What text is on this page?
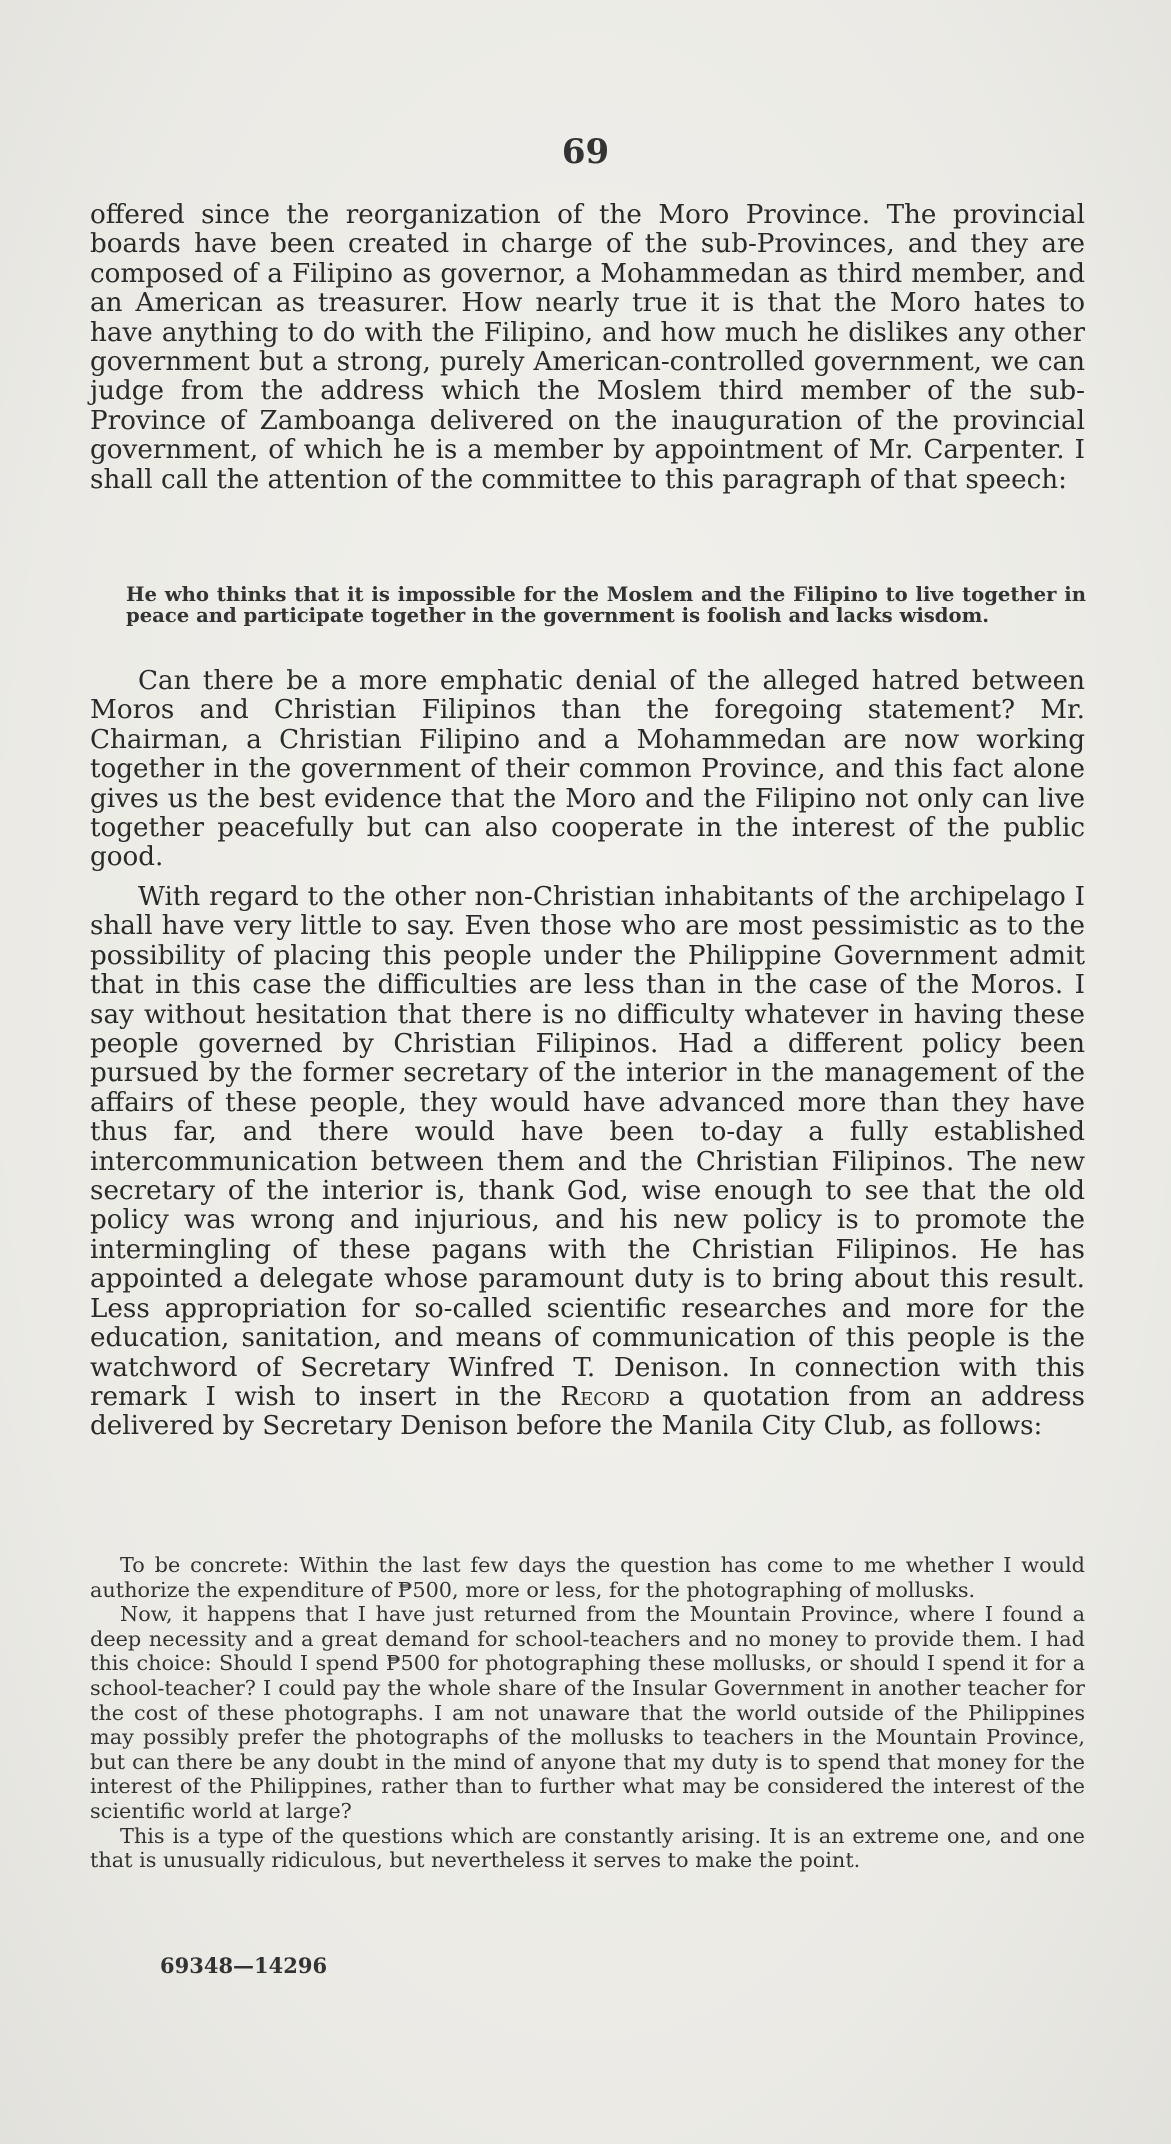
69

offered since the reorganization of the Moro Province. The provincial boards have been created in charge of the sub-Provinces, and they are composed of a Filipino as governor, a Mohammedan as third member, and an American as treasurer. How nearly true it is that the Moro hates to have anything to do with the Filipino, and how much he dislikes any other government but a strong, purely American-controlled government, we can judge from the address which the Moslem third member of the sub-Province of Zamboanga delivered on the inauguration of the provincial government, of which he is a member by appointment of Mr. Carpenter. I shall call the attention of the committee to this paragraph of that speech:

He who thinks that it is impossible for the Moslem and the Filipino to live together in peace and participate together in the government is foolish and lacks wisdom.

Can there be a more emphatic denial of the alleged hatred between Moros and Christian Filipinos than the foregoing statement? Mr. Chairman, a Christian Filipino and a Mohammedan are now working together in the government of their common Province, and this fact alone gives us the best evidence that the Moro and the Filipino not only can live together peacefully but can also cooperate in the interest of the public good.

With regard to the other non-Christian inhabitants of the archipelago I shall have very little to say. Even those who are most pessimistic as to the possibility of placing this people under the Philippine Government admit that in this case the difficulties are less than in the case of the Moros. I say without hesitation that there is no difficulty whatever in having these people governed by Christian Filipinos. Had a different policy been pursued by the former secretary of the interior in the management of the affairs of these people, they would have advanced more than they have thus far, and there would have been to-day a fully established intercommunication between them and the Christian Filipinos. The new secretary of the interior is, thank God, wise enough to see that the old policy was wrong and injurious, and his new policy is to promote the intermingling of these pagans with the Christian Filipinos. He has appointed a delegate whose paramount duty is to bring about this result. Less appropriation for so-called scientific researches and more for the education, sanitation, and means of communication of this people is the watchword of Secretary Winfred T. Denison. In connection with this remark I wish to insert in the Record a quotation from an address delivered by Secretary Denison before the Manila City Club, as follows:

To be concrete: Within the last few days the question has come to me whether I would authorize the expenditure of ₱500, more or less, for the photographing of mollusks.

Now, it happens that I have just returned from the Mountain Province, where I found a deep necessity and a great demand for school-teachers and no money to provide them. I had this choice: Should I spend ₱500 for photographing these mollusks, or should I spend it for a school-teacher? I could pay the whole share of the Insular Government in another teacher for the cost of these photographs. I am not unaware that the world outside of the Philippines may possibly prefer the photographs of the mollusks to teachers in the Mountain Province, but can there be any doubt in the mind of anyone that my duty is to spend that money for the interest of the Philippines, rather than to further what may be considered the interest of the scientific world at large?

This is a type of the questions which are constantly arising. It is an extreme one, and one that is unusually ridiculous, but nevertheless it serves to make the point.

69348—14296
